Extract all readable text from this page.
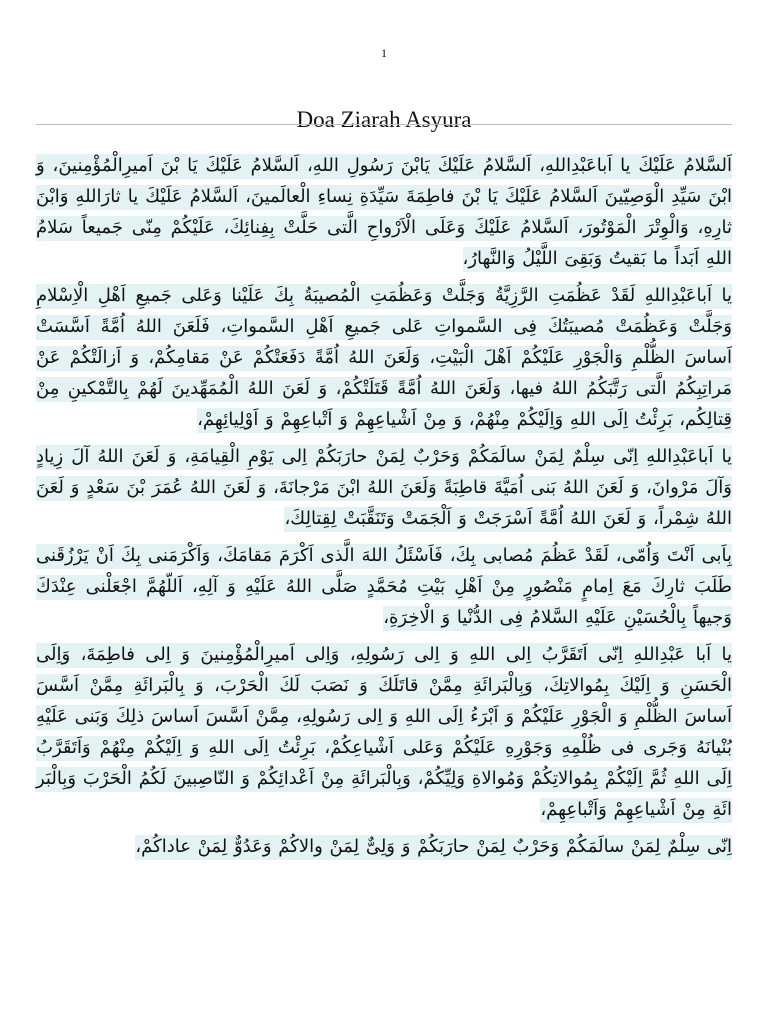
1
Doa Ziarah Asyura

اَلسَّلامُ عَلَيْكَ يا اَباعَبْدِاللهِ، اَلسَّلامُ عَلَيْكَ يَابْنَ رَسُولِ اللهِ، اَلسَّلامُ عَلَيْكَ يَا بْنَ اَميرِالْمُؤْمِنينَ، وَ ابْنَ سَيِّدِ الْوَصِيّينَ اَلسَّلامُ عَلَيْكَ يَا بْنَ فاطِمَةَ سَيِّدَةِ نِساءِ الْعالَمينَ، اَلسَّلامُ عَلَيْكَ يا ثارَاللهِ وَابْنَ ثارِهِ، وَالْوِتْرَ الْمَوْتُورَ، اَلسَّلامُ عَلَيْكَ وَعَلَى الْاَرْواحِ الَّتى حَلَّتْ بِفِنائِكَ، عَلَيْكُمْ مِنّى جَميعاً سَلامُ اللهِ اَبَداً ما بَقيتُ وَبَقِىَ اللَّيْلُ وَالنَّهارُ،

يا اَباعَبْدِاللهِ لَقَدْ عَظُمَتِ الرَّزِيَّةُ وَجَلَّتْ وَعَظُمَتِ الْمُصيبَةُ بِكَ عَلَيْنا وَعَلى جَميعِ اَهْلِ الْاِسْلامِ وَجَلَّتْ وَعَظُمَتْ مُصيبَتُكَ فِى السَّمواتِ عَلى جَميعِ اَهْلِ السَّمواتِ، فَلَعَنَ اللهُ اُمَّةً اَسَّسَتْ اَساسَ الظُّلْمِ وَالْجَوْرِ عَلَيْكُمْ اَهْلَ الْبَيْتِ، وَلَعَنَ اللهُ اُمَّةً دَفَعَتْكُمْ عَنْ مَقامِكُمْ، وَ اَزالَتْكُمْ عَنْ مَراتِبِكُمُ الَّتى رَتَّبَكُمُ اللهُ فيها، وَلَعَنَ اللهُ اُمَّةً قَتَلَتْكُمْ، وَ لَعَنَ اللهُ الْمُمَهِّدينَ لَهُمْ بِالتَّمْكينِ مِنْ قِتالِكُم، بَرِئْتُ اِلَى اللهِ وَاِلَيْكُمْ مِنْهُمْ، وَ مِنْ اَشْياعِهِمْ وَ اَتْباعِهِمْ وَ اَوْلِيائِهِمْ،

يا اَباعَبْدِاللهِ اِنّى سِلْمٌ لِمَنْ سالَمَكُمْ وَحَرْبٌ لِمَنْ حارَبَكُمْ اِلى يَوْمِ الْقِيامَةِ، وَ لَعَنَ اللهُ آلَ زِيادٍ وَآلَ مَرْوانَ، وَ لَعَنَ اللهُ بَنى اُمَيَّةَ قاطِبَةً وَلَعَنَ اللهُ ابْنَ مَرْجانَةَ، وَ لَعَنَ اللهُ عُمَرَ بْنَ سَعْدٍ وَ لَعَنَ اللهُ شِمْراً، وَ لَعَنَ اللهُ اُمَّةً اَسْرَجَتْ وَ اَلْجَمَتْ وَتَنَقَّبَتْ لِقِتالِكَ،

بِاَبى اَنْتَ وَاُمّى، لَقَدْ عَظُمَ مُصابى بِكَ، فَاَسْئَلُ اللهَ الَّذى اَكْرَمَ مَقامَكَ، وَاَكْرَمَنى بِكَ اَنْ يَرْزُقَنى طَلَبَ ثارِكَ مَعَ اِمامٍ مَنْصُورٍ مِنْ اَهْلِ بَيْتِ مُحَمَّدٍ صَلَّى اللهُ عَلَيْهِ وَ آلِهِ، اَللّهُمَّ اجْعَلْنى عِنْدَكَ وَجيهاً بِالْحُسَيْنِ عَلَيْهِ السَّلامُ فِى الدُّنْيا وَ الْاخِرَةِ،

يا اَبا عَبْدِاللهِ اِنّى اَتَقَرَّبُ اِلى اللهِ وَ اِلى رَسُولِهِ، وَاِلى اَميرِالْمُؤْمِنينَ وَ اِلى فاطِمَةَ، وَاِلَى الْحَسَنِ وَ اِلَيْكَ بِمُوالاتِكَ، وَبِالْبَرائَةِ مِمَّنْ قاتَلَكَ وَ نَصَبَ لَكَ الْحَرْبَ، وَ بِالْبَرائَةِ مِمَّنْ اَسَّسَ اَساسَ الظُّلْمِ وَ الْجَوْرِ عَلَيْكُمْ وَ اَبْرَءُ اِلَى اللهِ وَ اِلى رَسُولِهِ، مِمَّنْ اَسَّسَ اَساسَ ذلِكَ وَبَنى عَلَيْهِ بُنْيانَهُ وَجَرى فى ظُلْمِهِ وَجَوْرِهِ عَلَيْكُمْ وَعَلى اَشْياعِكُمْ، بَرِئْتُ اِلَى اللهِ وَ اِلَيْكُمْ مِنْهُمْ وَاَتَقَرَّبُ اِلَى اللهِ ثُمَّ اِلَيْكُمْ بِمُوالاتِكُمْ وَمُوالاةِ وَلِيِّكُمْ، وَبِالْبَرائَةِ مِنْ اَعْدائِكُمْ وَ النّاصِبينَ لَكُمُ الْحَرْبَ وَبِالْبَر ائَةِ مِنْ اَشْياعِهِمْ وَاَتْباعِهِمْ،

اِنّى سِلْمٌ لِمَنْ سالَمَكُمْ وَحَرْبٌ لِمَنْ حارَبَكُمْ وَ وَلِىٌّ لِمَنْ والاكُمْ وَعَدُوٌّ لِمَنْ عاداكُمْ،
